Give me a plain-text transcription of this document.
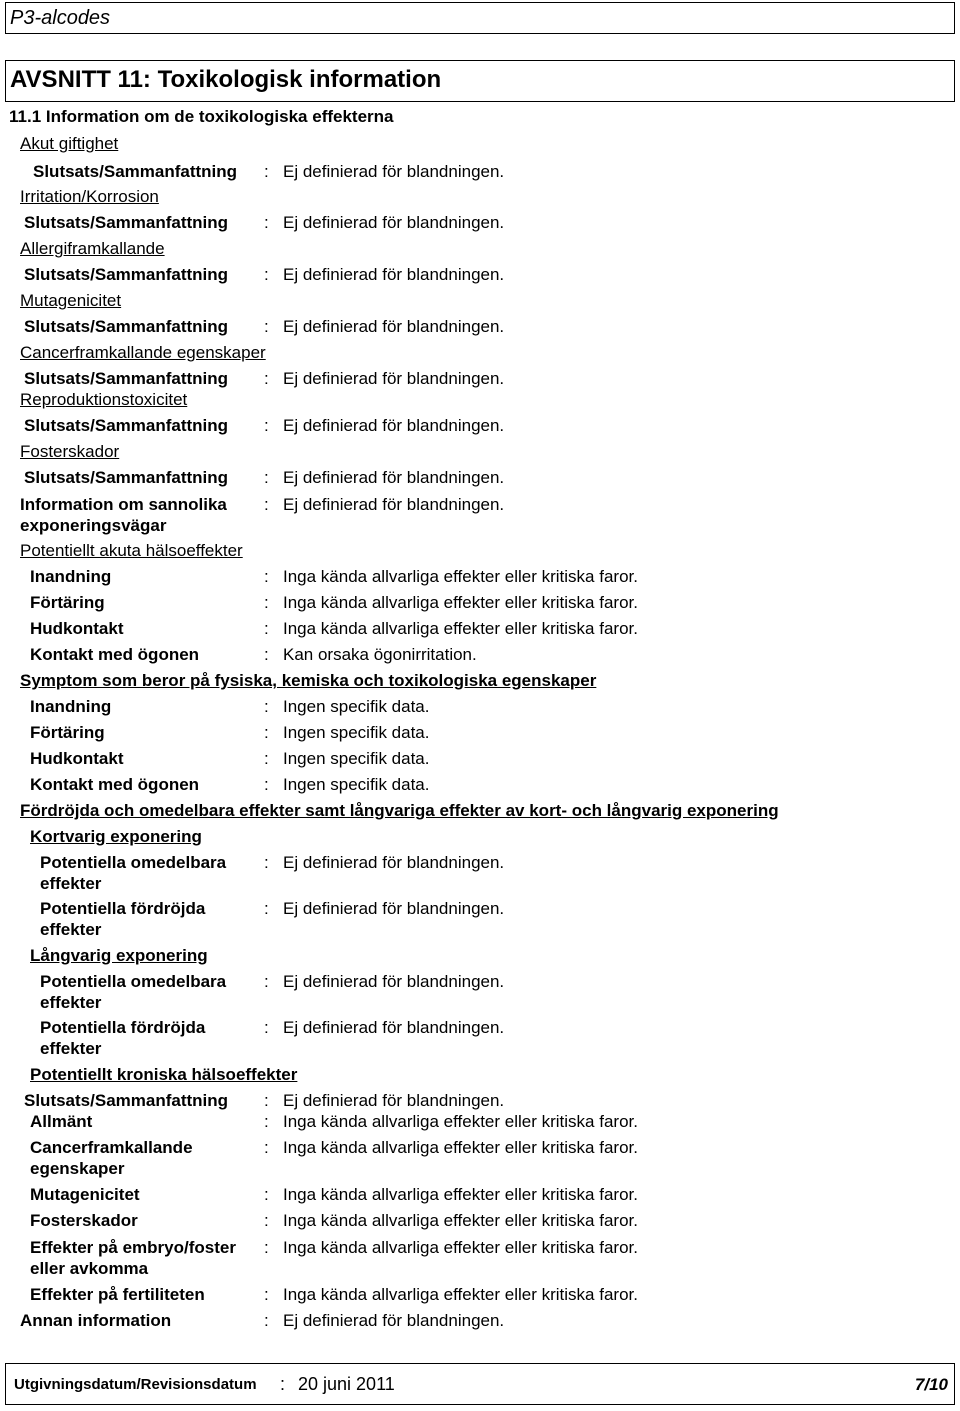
P3-alcodes
AVSNITT 11: Toxikologisk information
11.1 Information om de toxikologiska effekterna
Akut giftighet
Slutsats/Sammanfattning : Ej definierad för blandningen.
Irritation/Korrosion
Slutsats/Sammanfattning : Ej definierad för blandningen.
Allergiframkallande
Slutsats/Sammanfattning : Ej definierad för blandningen.
Mutagenicitet
Slutsats/Sammanfattning : Ej definierad för blandningen.
Cancerframkallande egenskaper
Slutsats/Sammanfattning : Ej definierad för blandningen.
Reproduktionstoxicitet
Slutsats/Sammanfattning : Ej definierad för blandningen.
Fosterskador
Slutsats/Sammanfattning : Ej definierad för blandningen.
Information om sannolika exponeringsvägar
: Ej definierad för blandningen.
Potentiellt akuta hälsoeffekter
Inandning	: Inga kända allvarliga effekter eller kritiska faror.
Förtäring	: Inga kända allvarliga effekter eller kritiska faror.
Hudkontakt	: Inga kända allvarliga effekter eller kritiska faror.
Kontakt med ögonen	: Kan orsaka ögonirritation.
Symptom som beror på fysiska, kemiska och toxikologiska egenskaper
Inandning	: Ingen specifik data.
Förtäring	: Ingen specifik data.
Hudkontakt	: Ingen specifik data.
Kontakt med ögonen	: Ingen specifik data.
Fördröjda och omedelbara effekter samt långvariga effekter av kort- och långvarig exponering
Kortvarig exponering
Potentiella omedelbara effekter
: Ej definierad för blandningen.
Potentiella fördröjda effekter
: Ej definierad för blandningen.
Långvarig exponering
Potentiella omedelbara effekter
: Ej definierad för blandningen.
Potentiella fördröjda effekter
: Ej definierad för blandningen.
Potentiellt kroniska hälsoeffekter
Slutsats/Sammanfattning : Ej definierad för blandningen.
Allmänt	: Inga kända allvarliga effekter eller kritiska faror.
Cancerframkallande egenskaper
: Inga kända allvarliga effekter eller kritiska faror.
Mutagenicitet	: Inga kända allvarliga effekter eller kritiska faror.
Fosterskador	: Inga kända allvarliga effekter eller kritiska faror.
Effekter på embryo/foster eller avkomma
: Inga kända allvarliga effekter eller kritiska faror.
Effekter på fertiliteten	: Inga kända allvarliga effekter eller kritiska faror.
Annan information	: Ej definierad för blandningen.
Utgivningsdatum/Revisionsdatum : 20 juni 2011	7/10
